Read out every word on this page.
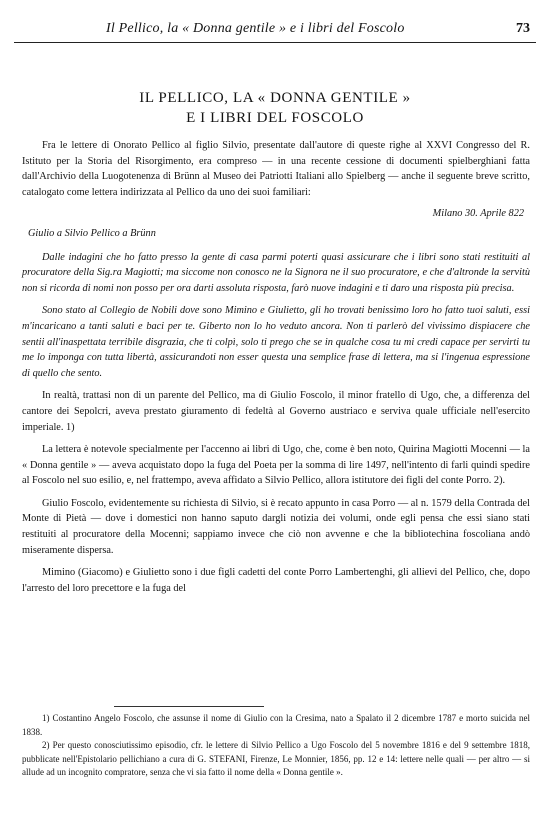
Il Pellico, la « Donna gentile » e i libri del Foscolo	73
IL PELLICO, LA « DONNA GENTILE »
E I LIBRI DEL FOSCOLO

Fra le lettere di Onorato Pellico al figlio Silvio, presentate dall'autore di queste righe al XXVI Congresso del R. Istituto per la Storia del Risorgimento, era compreso — in una recente cessione di documenti spielberghiani fatta dall'Archivio della Luogotenenza di Brünn al Museo dei Patriotti Italiani allo Spielberg — anche il seguente breve scritto, catalogato come lettera indirizzata al Pellico da uno dei suoi familiari:

Milano 30. Aprile 822

Giulio a Silvio Pellico a Brünn

Dalle indagini che ho fatto presso la gente di casa parmi poterti quasi assicurare che i libri sono stati restituiti al procuratore della Sig.ra Magiotti; ma siccome non conosco ne la Signora ne il suo procuratore, e che d'altronde la servitù non si ricorda di nomi non posso per ora darti assoluta risposta, farò nuove indagini e ti daro una risposta più precisa.

Sono stato al Collegio de Nobili dove sono Mimino e Giulietto, gli ho trovati benissimo loro ho fatto tuoi saluti, essi m'incaricano a tanti saluti e baci per te. Giberto non lo ho veduto ancora. Non ti parlerò del vivissimo dispiacere che sentii all'inaspettata terribile disgrazia, che ti colpì, solo ti prego che se in qualche cosa tu mi credi capace per servirti tu me lo imponga con tutta libertà, assicurandoti non esser questa una semplice frase di lettera, ma si l'ingenua espressione di quello che sento.

In realtà, trattasi non di un parente del Pellico, ma di Giulio Foscolo, il minor fratello di Ugo, che, a differenza del cantore dei Sepolcri, aveva prestato giuramento di fedeltà al Governo austriaco e serviva quale ufficiale nell'esercito imperiale. 1)

La lettera è notevole specialmente per l'accenno ai libri di Ugo, che, come è ben noto, Quirina Magiotti Mocenni — la « Donna gentile » — aveva acquistato dopo la fuga del Poeta per la somma di lire 1497, nell'intento di farli quindi spedire al Foscolo nel suo esilio, e, nel frattempo, aveva affidato a Silvio Pellico, allora istitutore dei figli del conte Porro. 2).

Giulio Foscolo, evidentemente su richiesta di Silvio, si è recato appunto in casa Porro — al n. 1579 della Contrada del Monte di Pietà — dove i domestici non hanno saputo dargli notizia dei volumi, onde egli pensa che essi siano stati restituiti al procuratore della Mocenni; sappiamo invece che ciò non avvenne e che la bibliotechina foscoliana andò miseramente dispersa.

Mimino (Giacomo) e Giulietto sono i due figli cadetti del conte Porro Lambertenghi, gli allievi del Pellico, che, dopo l'arresto del loro precettore e la fuga del

1) Costantino Angelo Foscolo, che assunse il nome di Giulio con la Cresima, nato a Spalato il 2 dicembre 1787 e morto suicida nel 1838.

2) Per questo conosciutissimo episodio, cfr. le lettere di Silvio Pellico a Ugo Foscolo del 5 novembre 1816 e del 9 settembre 1818, pubblicate nell'Epistolario pellichiano a cura di G. STEFANI, Firenze, Le Monnier, 1856, pp. 12 e 14: lettere nelle quali — per altro — si allude ad un incognito compratore, senza che vi sia fatto il nome della « Donna gentile ».
